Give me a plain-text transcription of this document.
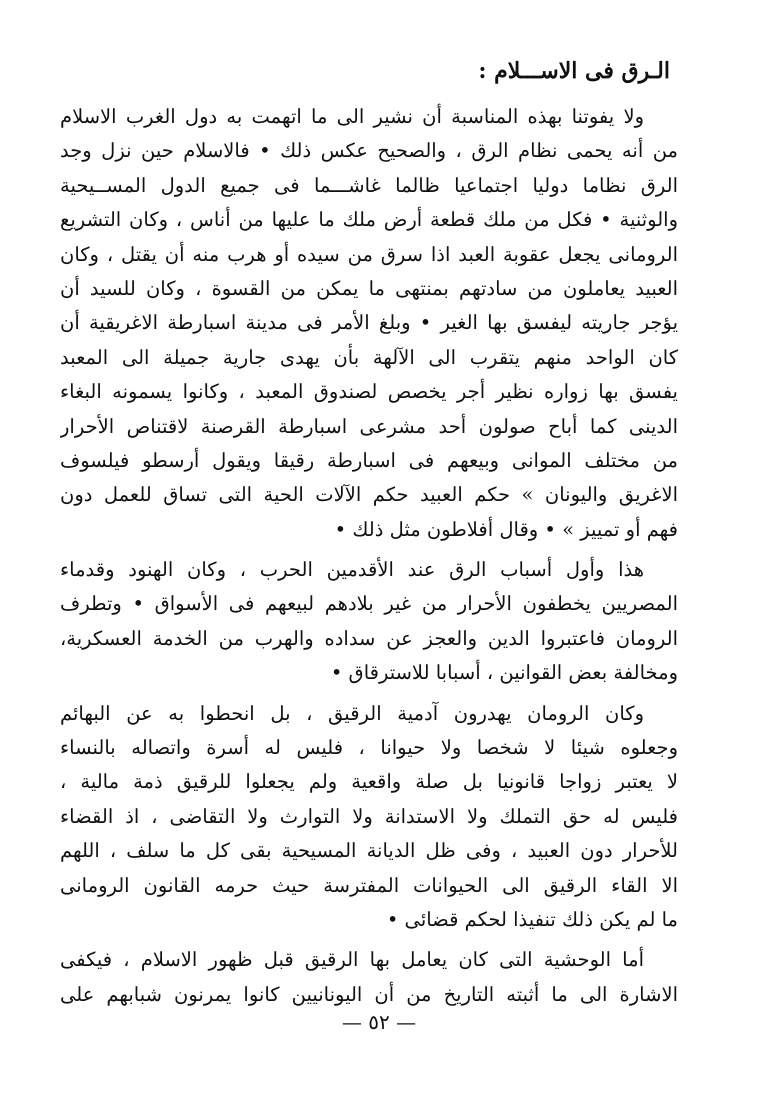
الـرق فى الاســـلام :
ولا يفوتنا بهذه المناسبة أن نشير الى ما اتهمت به دول الغرب الاسلام
من أنه يحمى نظام الرق ، والصحيح عكس ذلك • فالاسلام حين نزل وجد
الرق نظاما دوليا اجتماعيا ظالما غاشـــما فى جميع الدول المســيحية
والوثنية • فكل من ملك قطعة أرض ملك ما عليها من أناس ، وكان التشريع
الرومانى يجعل عقوبة العبد اذا سرق من سيده أو هرب منه أن يقتل ، وكان
العبيد يعاملون من سادتهم بمنتهى ما يمكن من القسوة ، وكان للسيد أن
يؤجر جاريته ليفسق بها الغير • وبلغ الأمر فى مدينة اسبارطة الاغريقية أن
كان الواحد منهم يتقرب الى الآلهة بأن يهدى جارية جميلة الى المعبد
يفسق بها زواره نظير أجر يخصص لصندوق المعبد ، وكانوا يسمونه البغاء
الدينى كما أباح صولون أحد مشرعى اسبارطة القرصنة لاقتناص الأحرار
من مختلف الموانى وبيعهم فى اسبارطة رقيقا ويقول أرسطو فيلسوف
الاغريق واليونان » حكم العبيد حكم الآلات الحية التى تساق للعمل دون
فهم أو تمييز » • وقال أفلاطون مثل ذلك •
هذا وأول أسباب الرق عند الأقدمين الحرب ، وكان الهنود وقدماء
المصريين يخطفون الأحرار من غير بلادهم لبيعهم فى الأسواق • وتطرف
الرومان فاعتبروا الدين والعجز عن سداده والهرب من الخدمة العسكرية،
ومخالفة بعض القوانين ، أسبابا للاسترقاق •
وكان الرومان يهدرون آدمية الرقيق ، بل انحطوا به عن البهائم
وجعلوه شيئا لا شخصا ولا حيوانا ، فليس له أسرة واتصاله بالنساء
لا يعتبر زواجا قانونيا بل صلة واقعية ولم يجعلوا للرقيق ذمة مالية ،
فليس له حق التملك ولا الاستدانة ولا التوارث ولا التقاضى ، اذ القضاء
للأحرار دون العبيد ، وفى ظل الديانة المسيحية بقى كل ما سلف ، اللهم
الا القاء الرقيق الى الحيوانات المفترسة حيث حرمه القانون الرومانى
ما لم يكن ذلك تنفيذا لحكم قضائى •
أما الوحشية التى كان يعامل بها الرقيق قبل ظهور الاسلام ، فيكفى
الاشارة الى ما أثبته التاريخ من أن اليونانيين كانوا يمرنون شبابهم على
— ٥٢ —
